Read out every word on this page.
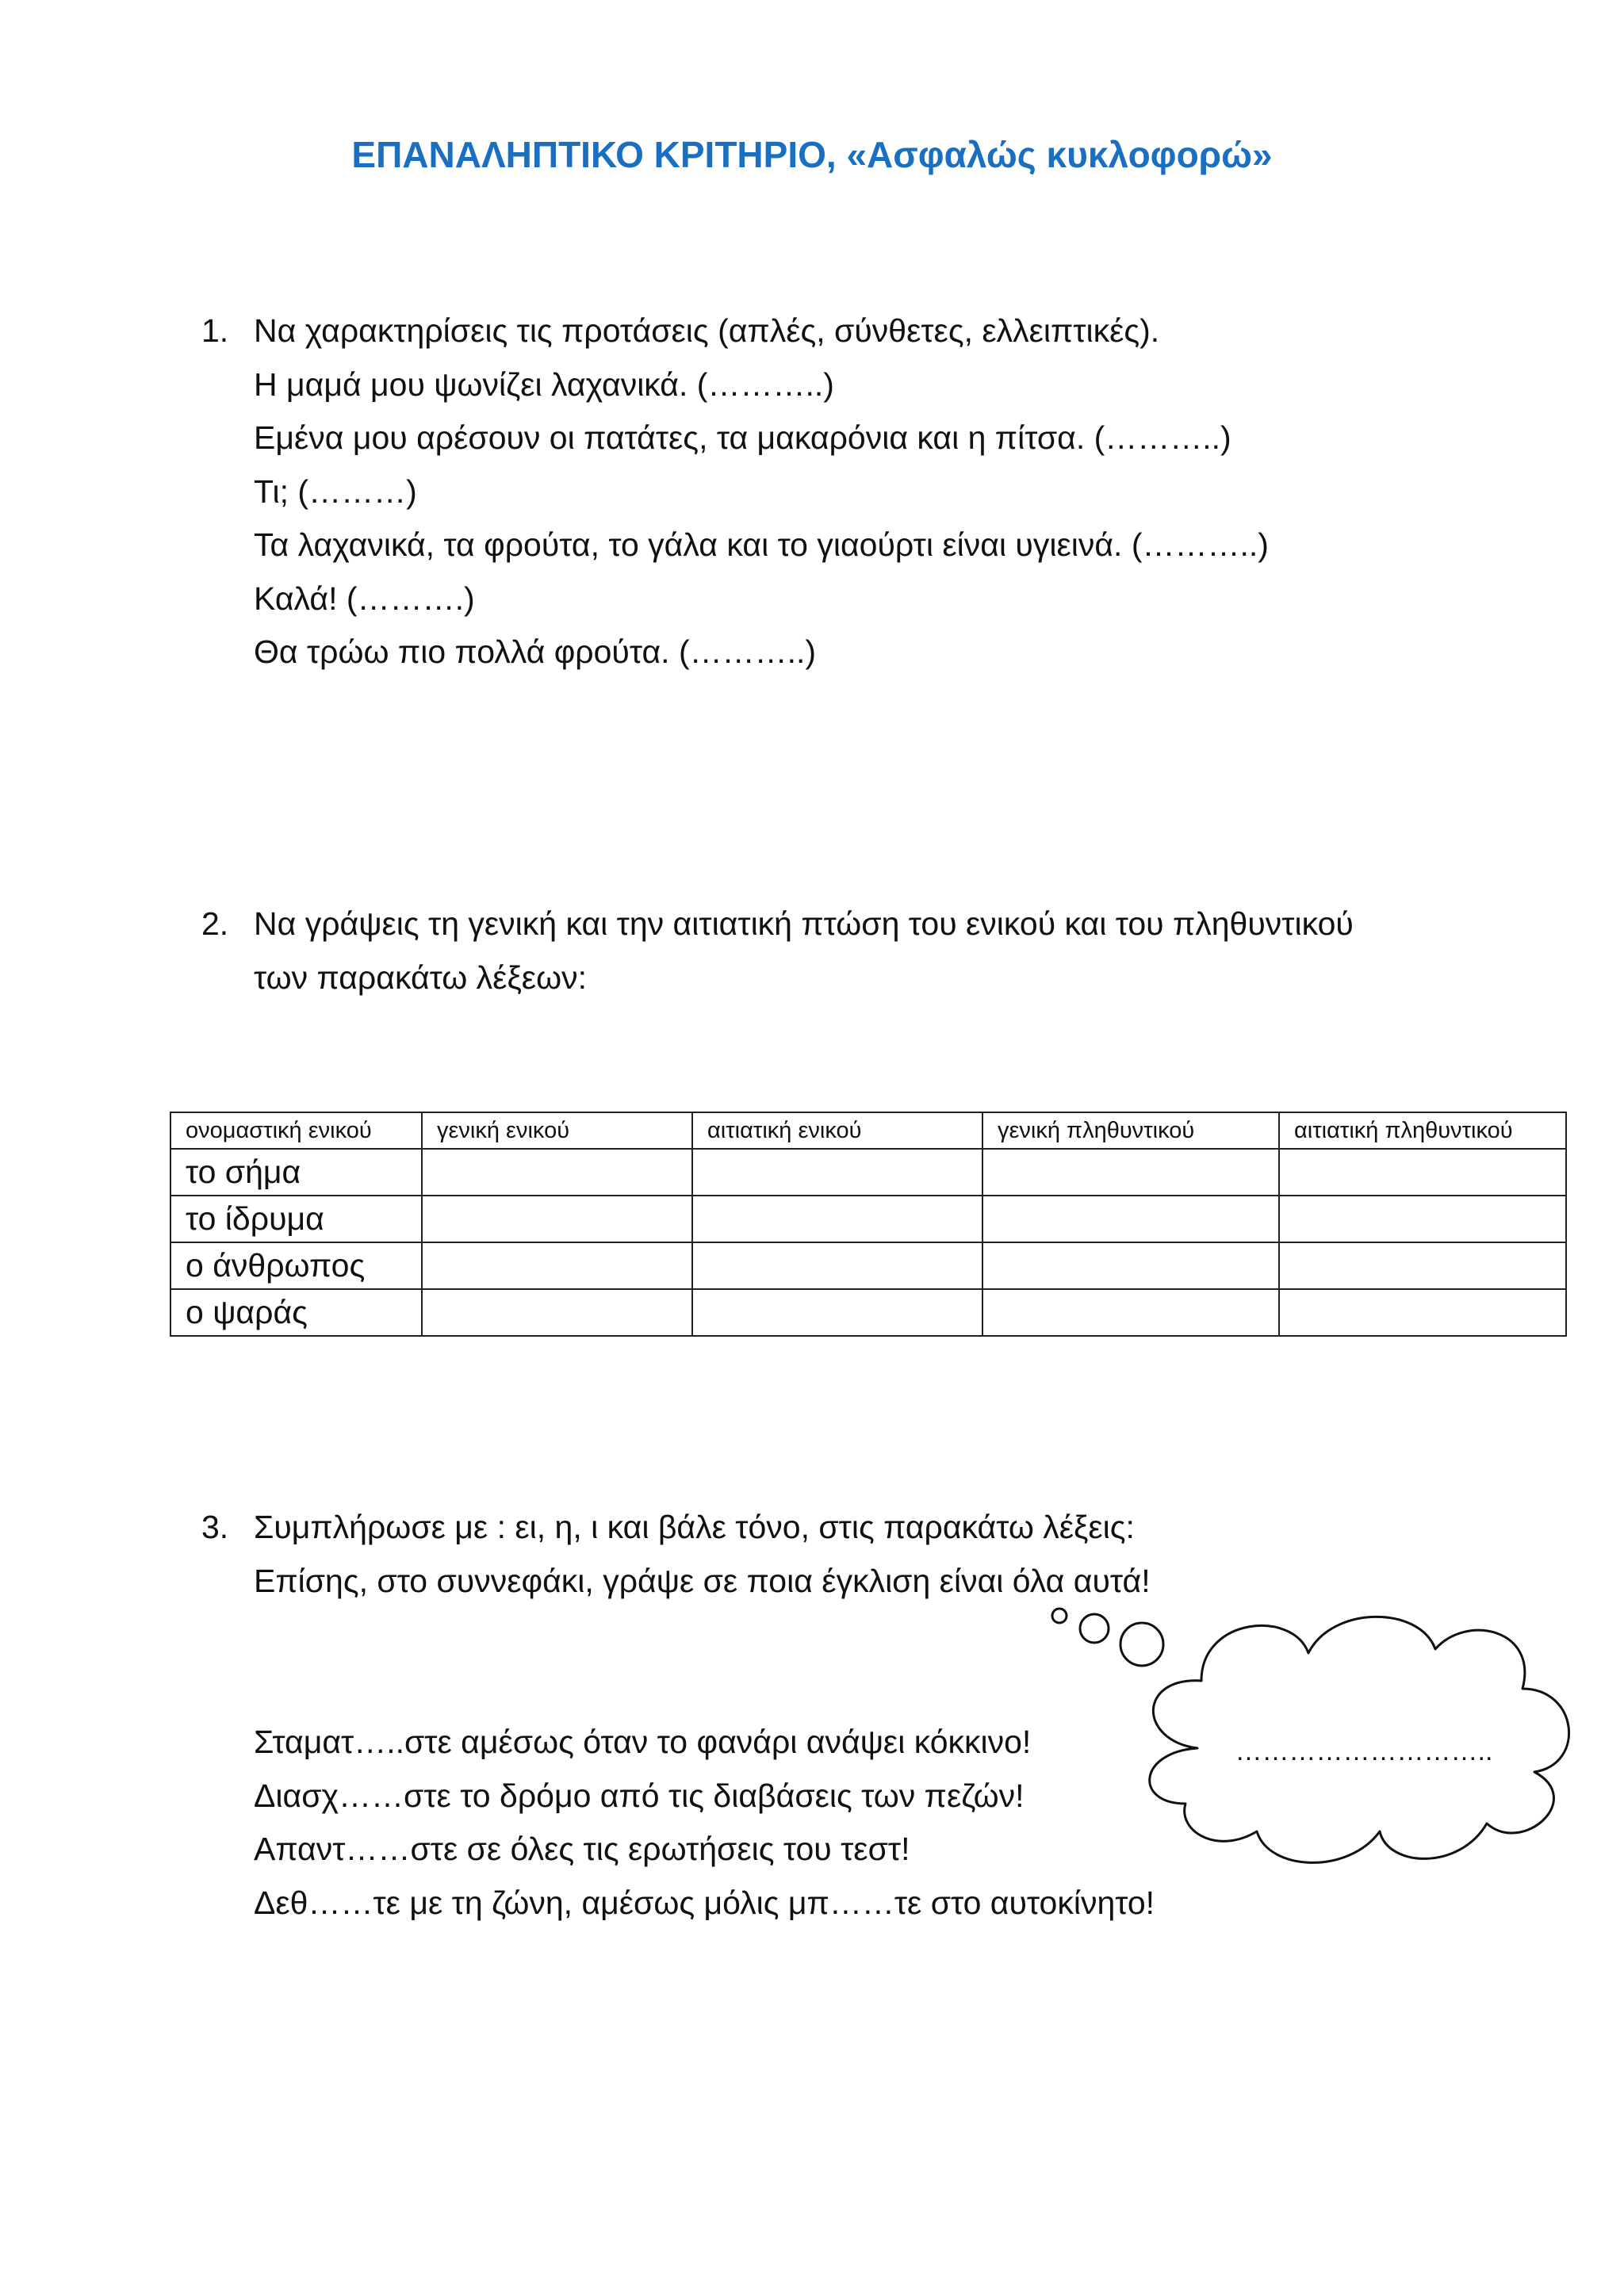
ΕΠΑΝΑΛΗΠΤΙΚΟ ΚΡΙΤΗΡΙΟ, «Ασφαλώς κυκλοφορώ»
1. Να χαρακτηρίσεις τις προτάσεις (απλές, σύνθετες, ελλειπτικές).
Η μαμά μου ψωνίζει λαχανικά. (………..)
Εμένα μου αρέσουν οι πατάτες, τα μακαρόνια και η πίτσα. (………..)
Τι; (………)
Τα λαχανικά, τα φρούτα, το γάλα και το γιαούρτι είναι υγιεινά. (………..)
Καλά! (……….)
Θα τρώω πιο πολλά φρούτα. (………..)
2. Να γράψεις τη γενική και την αιτιατική πτώση του ενικού και του πληθυντικού
των παρακάτω λέξεων:
ονομαστική ενικού	γενική ενικού	αιτιατική ενικού	γενική πληθυντικού	αιτιατική πληθυντικού
το σήμα				
το ίδρυμα				
ο άνθρωπος				
ο ψαράς				
3. Συμπλήρωσε με : ει, η, ι και βάλε τόνο, στις παρακάτω λέξεις:
Επίσης, στο συννεφάκι, γράψε σε ποια έγκλιση είναι όλα αυτά!
Σταματ…..στε αμέσως όταν το φανάρι ανάψει κόκκινο!
Διασχ……στε το δρόμο από τις διαβάσεις των πεζών!
Απαντ……στε σε όλες τις ερωτήσεις του τεστ!
Δεθ……τε με τη ζώνη, αμέσως μόλις μπ……τε στο αυτοκίνητο!
………………………..
